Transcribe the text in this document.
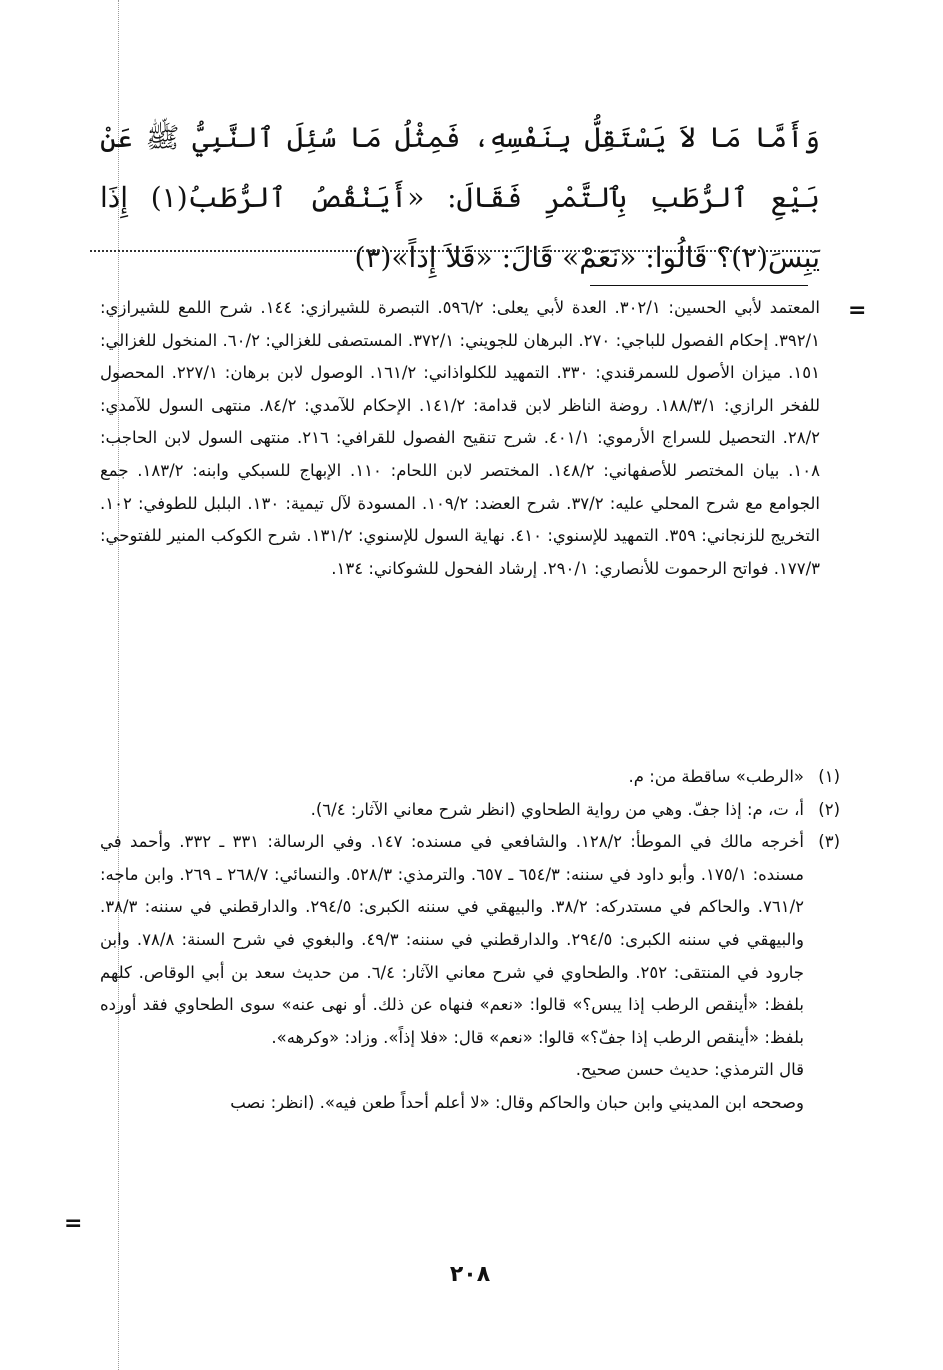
وَأَمَّا مَا لاَ يَسْتَقِلُّ بِنَفْسِهِ، فَمِثْلُ مَا سُئِلَ ٱلنَّبِيُّ ﷺ عَنْ بَيْعِ ٱلرُّطَبِ بِٱلتَّمْرِ فَقَالَ: «أَيَنْقُصُ ٱلرُّطَبُ(١) إِذَا يَبِسَ(٢)؟ قَالُوا: «نَعَمْ» قَالَ: «فَلاَ إِذاً»(٣)
=
المعتمد لأبي الحسين: ٣٠٢/١. العدة لأبي يعلى: ٥٩٦/٢. التبصرة للشيرازي: ١٤٤. شرح اللمع للشيرازي: ٣٩٢/١. إحكام الفصول للباجي: ٢٧٠. البرهان للجويني: ٣٧٢/١. المستصفى للغزالي: ٦٠/٢. المنخول للغزالي: ١٥١. ميزان الأصول للسمرقندي: ٣٣٠. التمهيد للكلواذاني: ١٦١/٢. الوصول لابن برهان: ٢٢٧/١. المحصول للفخر الرازي: ١٨٨/٣/١. روضة الناظر لابن قدامة: ١٤١/٢. الإحكام للآمدي: ٨٤/٢. منتهى السول للآمدي: ٢٨/٢. التحصيل للسراج الأرموي: ٤٠١/١. شرح تنقيح الفصول للقرافي: ٢١٦. منتهى السول لابن الحاجب: ١٠٨. بيان المختصر للأصفهاني: ١٤٨/٢. المختصر لابن اللحام: ١١٠. الإبهاج للسبكي وابنه: ١٨٣/٢. جمع الجوامع مع شرح المحلي عليه: ٣٧/٢. شرح العضد: ١٠٩/٢. المسودة لآل تيمية: ١٣٠. البلبل للطوفي: ١٠٢. التخريج للزنجاني: ٣٥٩. التمهيد للإسنوي: ٤١٠. نهاية السول للإسنوي: ١٣١/٢. شرح الكوكب المنير للفتوحي: ١٧٧/٣. فواتح الرحموت للأنصاري: ٢٩٠/١. إرشاد الفحول للشوكاني: ١٣٤.
(١)
«الرطب» ساقطة من: م.
(٢)
أ، ت، م: إذا جفّ. وهي من رواية الطحاوي (انظر شرح معاني الآثار: ٦/٤).
(٣)
أخرجه مالك في الموطأ: ١٢٨/٢. والشافعي في مسنده: ١٤٧. وفي الرسالة: ٣٣١ ـ ٣٣٢. وأحمد في مسنده: ١٧٥/١. وأبو داود في سننه: ٦٥٤/٣ ـ ٦٥٧. والترمذي: ٥٢٨/٣. والنسائي: ٢٦٨/٧ ـ ٢٦٩. وابن ماجه: ٧٦١/٢. والحاكم في مستدركه: ٣٨/٢. والبيهقي في سننه الكبرى: ٢٩٤/٥. والدارقطني في سننه: ٣٨/٣. والبيهقي في سننه الكبرى: ٢٩٤/٥. والدارقطني في سننه: ٤٩/٣. والبغوي في شرح السنة: ٧٨/٨. وابن جارود في المنتقى: ٢٥٢. والطحاوي في شرح معاني الآثار: ٦/٤. من حديث سعد بن أبي الوقاص. كلهم بلفظ: «أينقص الرطب إذا يبس؟» قالوا: «نعم» فنهاه عن ذلك. أو نهى عنه» سوى الطحاوي فقد أورده بلفظ: «أينقص الرطب إذا جفّ؟» قالوا: «نعم» قال: «فلا إذاً». وزاد: «وكرهه».
قال الترمذي: حديث حسن صحيح.
وصححه ابن المديني وابن حبان والحاكم وقال: «لا أعلم أحداً طعن فيه». (انظر: نصب
=
٢٠٨
